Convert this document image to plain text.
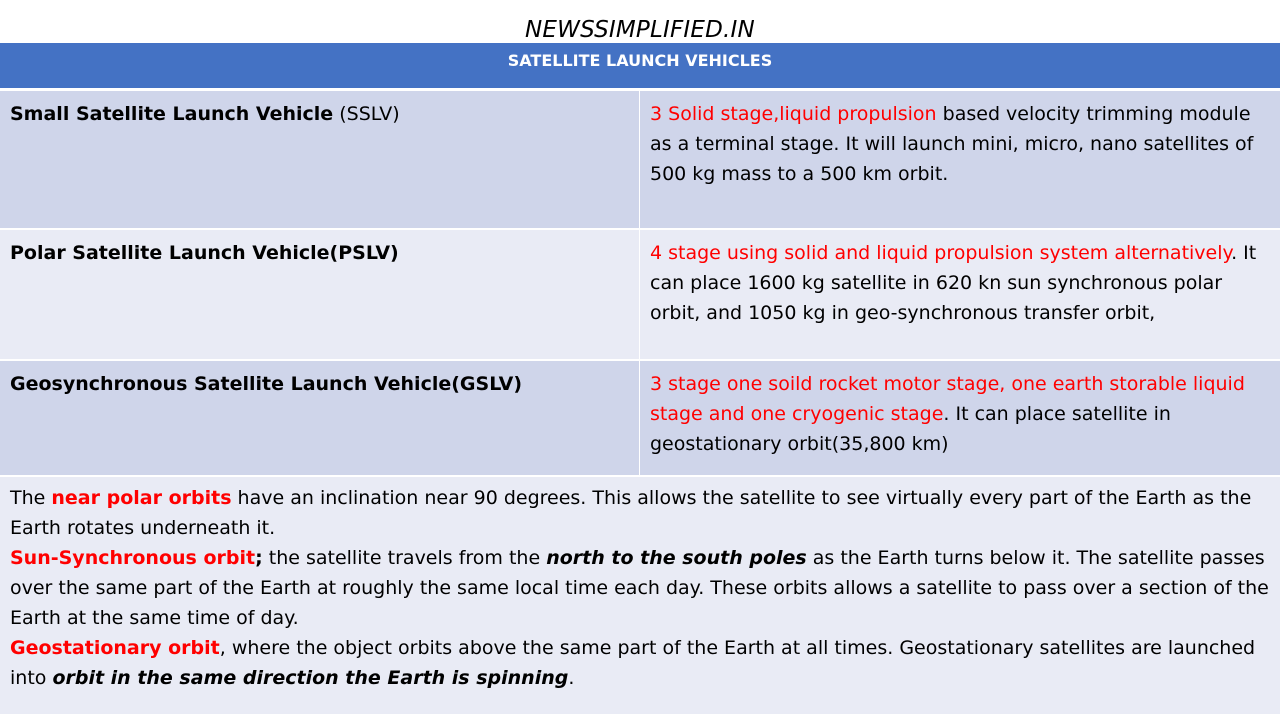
NEWSSIMPLIFIED.IN
SATELLITE LAUNCH VEHICLES
Small Satellite Launch Vehicle (SSLV)	3 Solid stage,liquid propulsion based velocity trimming module as a terminal stage. It will launch mini, micro, nano satellites of 500 kg mass to a 500 km orbit.
Polar Satellite Launch Vehicle(PSLV)	4 stage using solid and liquid propulsion system alternatively. It can place 1600 kg satellite in 620 kn sun synchronous polar orbit, and 1050 kg in geo-synchronous transfer orbit,
Geosynchronous Satellite Launch Vehicle(GSLV)	3 stage one soild rocket motor stage, one earth storable liquid stage and one cryogenic stage. It can place satellite in geostationary orbit(35,800 km)

The near polar orbits have an inclination near 90 degrees. This allows the satellite to see virtually every part of the Earth as the Earth rotates underneath it.

Sun-Synchronous orbit; the satellite travels from the north to the south poles as the Earth turns below it. The satellite passes over the same part of the Earth at roughly the same local time each day. These orbits allows a satellite to pass over a section of the Earth at the same time of day.

Geostationary orbit, where the object orbits above the same part of the Earth at all times. Geostationary satellites are launched into orbit in the same direction the Earth is spinning.
